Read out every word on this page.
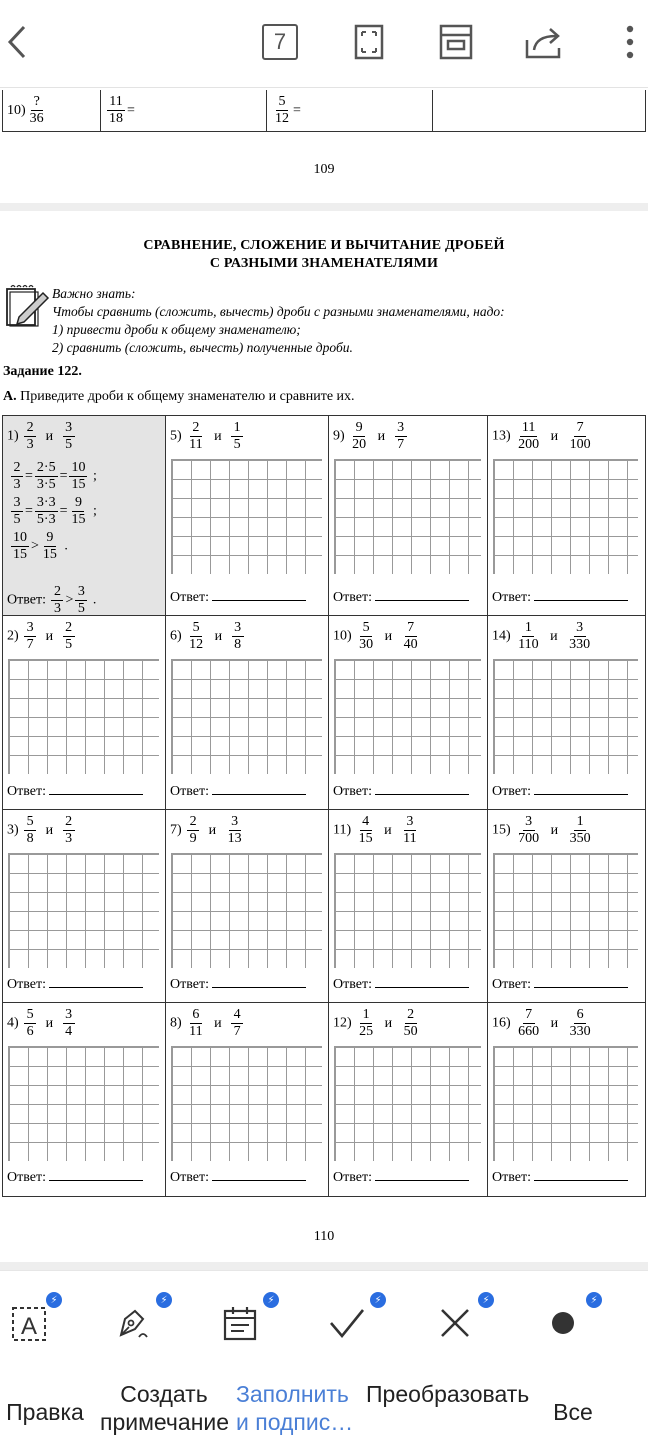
7
$10) \frac{?}{36}$	$\frac{11}{18}$ =	$\frac{5}{12}$ =
109
СРАВНЕНИЕ, СЛОЖЕНИЕ И ВЫЧИТАНИЕ ДРОБЕЙ
С РАЗНЫМИ ЗНАМЕНАТЕЛЯМИ
Важно знать:
Чтобы сравнить (сложить, вычесть) дроби с разными знаменателями, надо:
1) привести дроби к общему знаменателю;
2) сравнить (сложить, вычесть) полученные дроби.
Задание 122.
А. Приведите дроби к общему знаменателю и сравните их.
$1) \frac{2}{3}$ и $\frac{3}{5}$
$\frac{2}{3} = \frac{2\cdot 5}{3\cdot 5} = \frac{10}{15}$ ;
$\frac{3}{5} = \frac{3\cdot 3}{5\cdot 3} = \frac{9}{15}$ ;
$\frac{10}{15} > \frac{9}{15}$ .
Ответ: $\frac{2}{3} > \frac{3}{5}$ .
$2) \frac{3}{7}$ и $\frac{2}{5}$
Ответ:
$3) \frac{5}{8}$ и $\frac{2}{3}$
Ответ:
$4) \frac{5}{6}$ и $\frac{3}{4}$
Ответ:
$5) \frac{2}{11}$ и $\frac{1}{5}$
Ответ:
$6) \frac{5}{12}$ и $\frac{3}{8}$
Ответ:
$7) \frac{2}{9}$ и $\frac{3}{13}$
Ответ:
$8) \frac{6}{11}$ и $\frac{4}{7}$
Ответ:
$9) \frac{9}{20}$ и $\frac{3}{7}$
Ответ:
$10) \frac{5}{30}$ и $\frac{7}{40}$
Ответ:
$11) \frac{4}{15}$ и $\frac{3}{11}$
Ответ:
$12) \frac{1}{25}$ и $\frac{2}{50}$
Ответ:
$13) \frac{11}{200}$ и $\frac{7}{100}$
Ответ:
$14) \frac{1}{110}$ и $\frac{3}{330}$
Ответ:
$15) \frac{3}{700}$ и $\frac{1}{350}$
Ответ:
$16) \frac{7}{660}$ и $\frac{6}{330}$
Ответ:
110
A
⚡	⚡	⚡	⚡	⚡	⚡
Правка
Создать примечание
Заполнить и подпис…
Преобразовать
Все
